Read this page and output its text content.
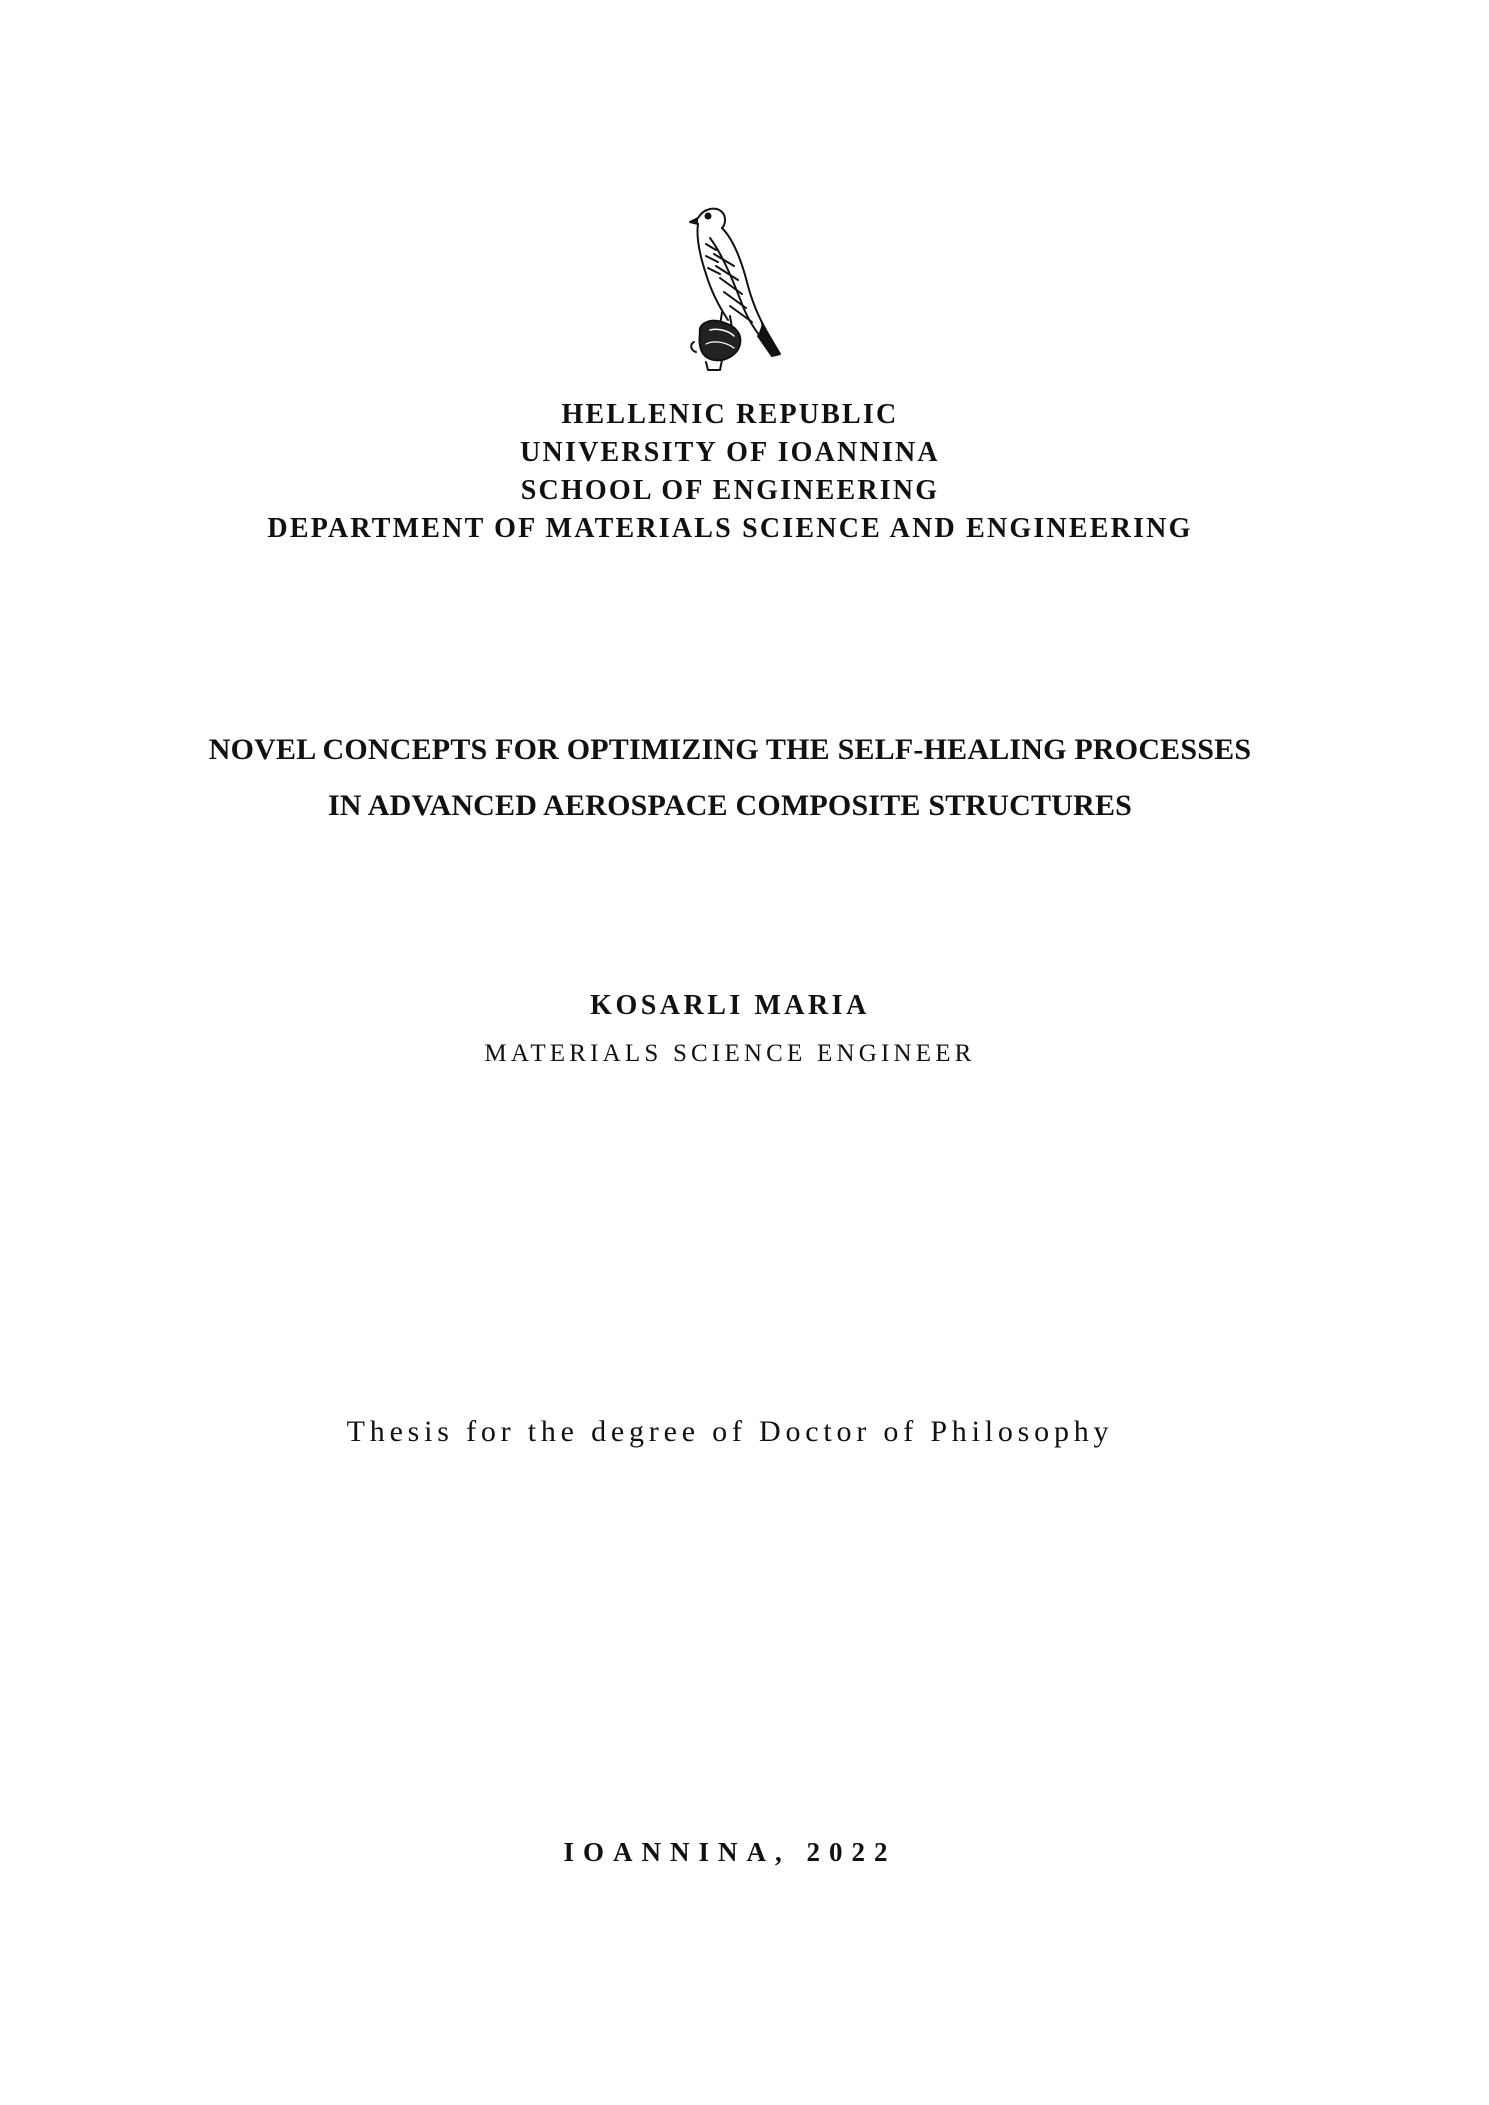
HELLENIC REPUBLIC
UNIVERSITY OF IOANNINA
SCHOOL OF ENGINEERING
DEPARTMENT OF MATERIALS SCIENCE AND ENGINEERING
NOVEL CONCEPTS FOR OPTIMIZING THE SELF-HEALING PROCESSES
IN ADVANCED AEROSPACE COMPOSITE STRUCTURES
KOSARLI MARIA
MATERIALS SCIENCE ENGINEER
Thesis for the degree of Doctor of Philosophy
IOANNINA, 2022
